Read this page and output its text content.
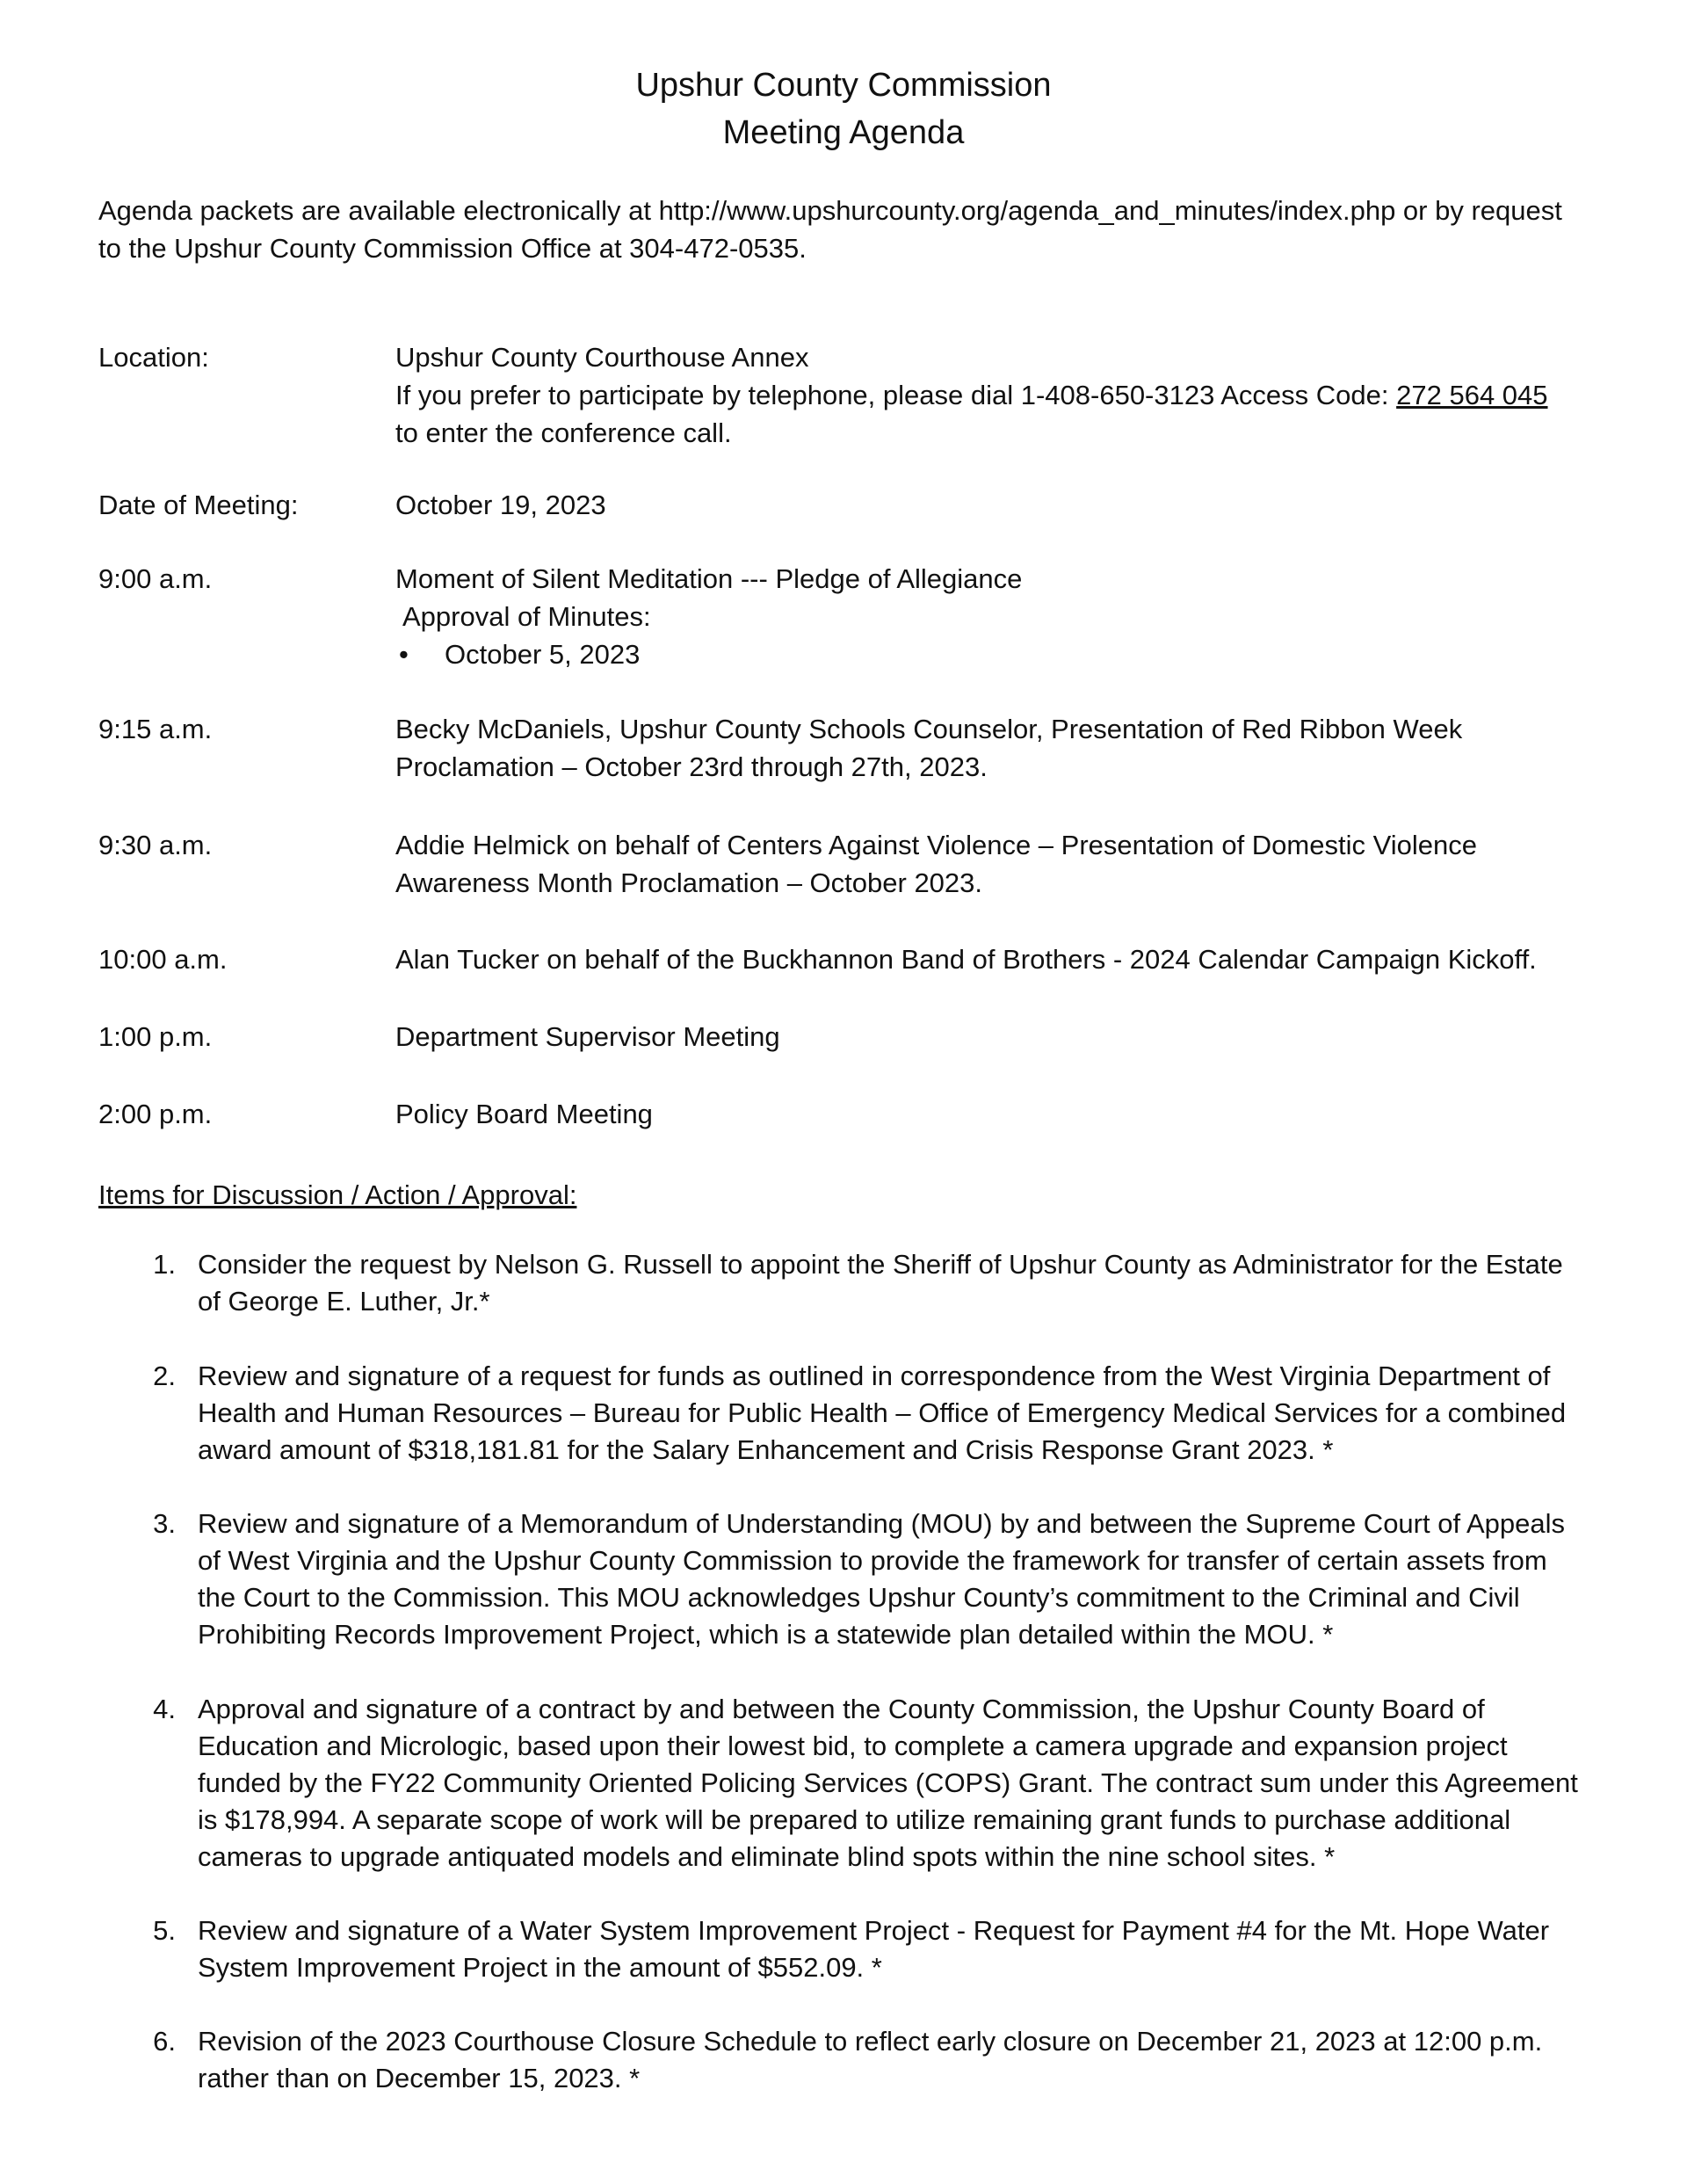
Upshur County Commission
Meeting Agenda
Agenda packets are available electronically at http://www.upshurcounty.org/agenda_and_minutes/index.php or by request
to the Upshur County Commission Office at 304-472-0535.
Location:	Upshur County Courthouse Annex
If you prefer to participate by telephone, please dial 1-408-650-3123 Access Code: 272 564 045
to enter the conference call.
Date of Meeting:	October 19, 2023
9:00 a.m.	Moment of Silent Meditation --- Pledge of Allegiance
Approval of Minutes:
• October 5, 2023
9:15 a.m.	Becky McDaniels, Upshur County Schools Counselor, Presentation of Red Ribbon Week
Proclamation – October 23rd through 27th, 2023.
9:30 a.m.	Addie Helmick on behalf of Centers Against Violence – Presentation of Domestic Violence
Awareness Month Proclamation – October 2023.
10:00 a.m.	Alan Tucker on behalf of the Buckhannon Band of Brothers - 2024 Calendar Campaign Kickoff.
1:00 p.m.	Department Supervisor Meeting
2:00 p.m.	Policy Board Meeting
Items for Discussion / Action / Approval:
1. Consider the request by Nelson G. Russell to appoint the Sheriff of Upshur County as Administrator for the Estate
of George E. Luther, Jr.*
2. Review and signature of a request for funds as outlined in correspondence from the West Virginia Department of
Health and Human Resources – Bureau for Public Health – Office of Emergency Medical Services for a combined
award amount of $318,181.81 for the Salary Enhancement and Crisis Response Grant 2023. *
3. Review and signature of a Memorandum of Understanding (MOU) by and between the Supreme Court of Appeals
of West Virginia and the Upshur County Commission to provide the framework for transfer of certain assets from
the Court to the Commission. This MOU acknowledges Upshur County’s commitment to the Criminal and Civil
Prohibiting Records Improvement Project, which is a statewide plan detailed within the MOU. *
4. Approval and signature of a contract by and between the County Commission, the Upshur County Board of
Education and Micrologic, based upon their lowest bid, to complete a camera upgrade and expansion project
funded by the FY22 Community Oriented Policing Services (COPS) Grant. The contract sum under this Agreement
is $178,994. A separate scope of work will be prepared to utilize remaining grant funds to purchase additional
cameras to upgrade antiquated models and eliminate blind spots within the nine school sites. *
5. Review and signature of a Water System Improvement Project - Request for Payment #4 for the Mt. Hope Water
System Improvement Project in the amount of $552.09. *
6. Revision of the 2023 Courthouse Closure Schedule to reflect early closure on December 21, 2023 at 12:00 p.m.
rather than on December 15, 2023. *
